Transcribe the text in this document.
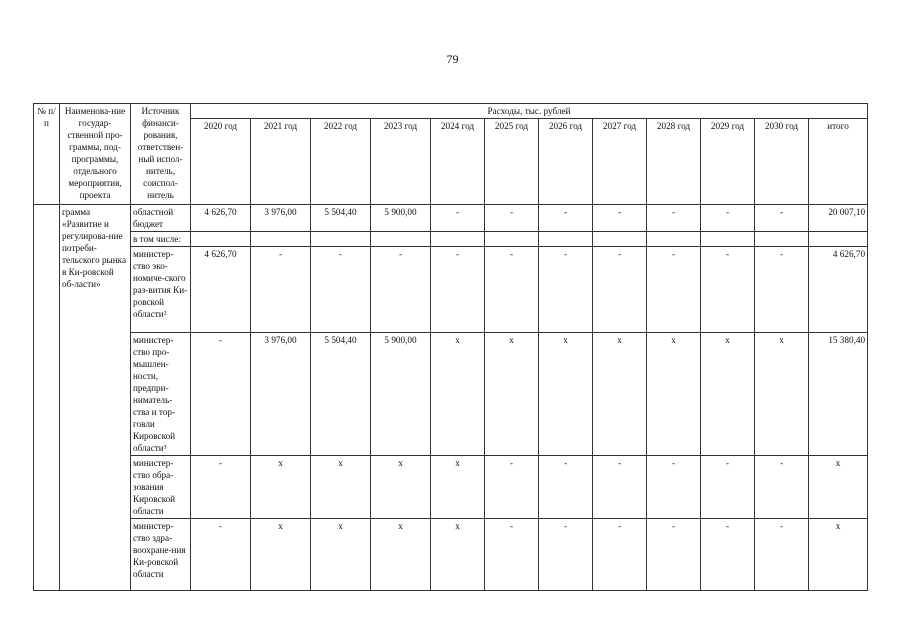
79
№ п/п	Наименова-ние государ-ственной про-граммы, под-программы, отдельного мероприятия, проекта	Источник финанси-рования, ответствен-ный испол-нитель, соиспол-нитель	Расходы, тыс. рублей											
			2020 год	2021 год	2022 год	2023 год	2024 год	2025 год	2026 год	2027 год	2028 год	2029 год	2030 год	итого
	грамма «Развитие и регулирова-ние потреби-тельского рынка в Ки-ровской об-ласти»	областной бюджет	4 626,70	3 976,00	5 504,40	5 900,00	-	-	-	-	-	-	-	20 007,10
		в том числе:												
		министер-ство эко-номиче-ского раз-вития Ки-ровской области²	4 626,70	-	-	-	-	-	-	-	-	-	-	4 626,70
		министер-ство про-мышлен-ности, предпри-ниматель-ства и тор-говли Кировской области³	-	3 976,00	5 504,40	5 900,00	х	х	х	х	х	х	х	15 380,40
		министер-ство обра-зования Кировской области	-	х	х	х	х	-	-	-	-	-	-	х
		министер-ство здра-воохране-ния Ки-ровской области	-	х	х	х	х	-	-	-	-	-	-	х
